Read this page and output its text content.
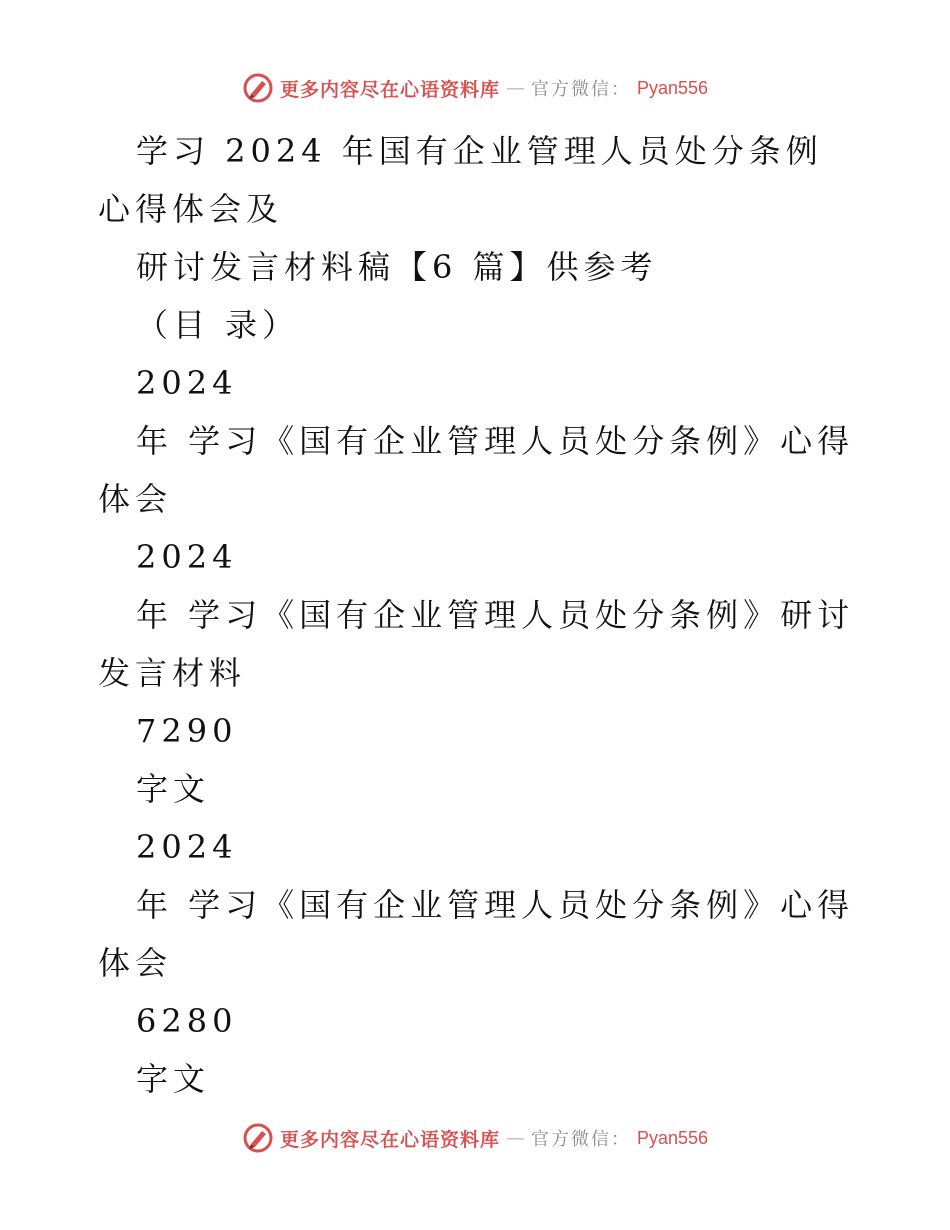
更多内容尽在心语资料库 — 官方微信： Pyan556

学习 2024 年国有企业管理人员处分条例心得体会及

研讨发言材料稿【6 篇】供参考

（目 录）

2024

年 学习《国有企业管理人员处分条例》心得体会

2024

年 学习《国有企业管理人员处分条例》研讨发言材料

7290

字文

2024

年 学习《国有企业管理人员处分条例》心得体会

6280

字文

更多内容尽在心语资料库 — 官方微信： Pyan556
